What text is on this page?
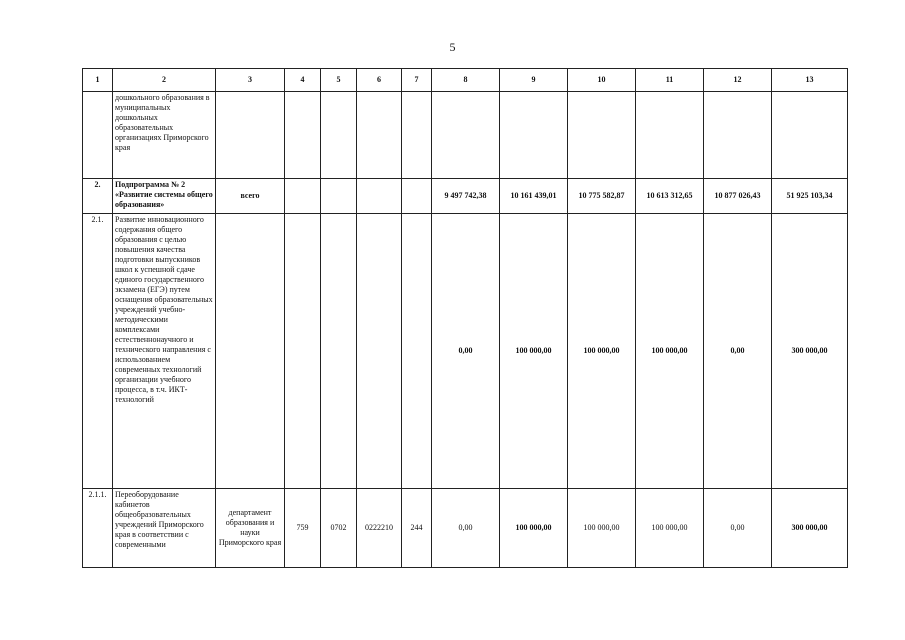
5
1	2	3	4	5	6	7	8	9	10	11	12	13
	дошкольного образования в муниципальных дошкольных образовательных организациях Приморского края											
2.	Подпрограмма № 2 «Развитие системы общего образования»	всего					9 497 742,38	10 161 439,01	10 775 582,87	10 613 312,65	10 877 026,43	51 925 103,34
2.1.	Развитие инновационного содержания общего образования с целью повышения качества подготовки выпускников школ к успешной сдаче единого государственного экзамена (ЕГЭ) путем оснащения образовательных учреждений учебно-методическими комплексами естественнонаучного и технического направления с использованием современных технологий организации учебного процесса, в т.ч. ИКТ-технологий						0,00	100 000,00	100 000,00	100 000,00	0,00	300 000,00
2.1.1.	Переоборудование кабинетов общеобразовательных учреждений Приморского края в соответствии с современными	департамент образования и науки Приморского края	759	0702	0222210	244	0,00	100 000,00	100 000,00	100 000,00	0,00	300 000,00
